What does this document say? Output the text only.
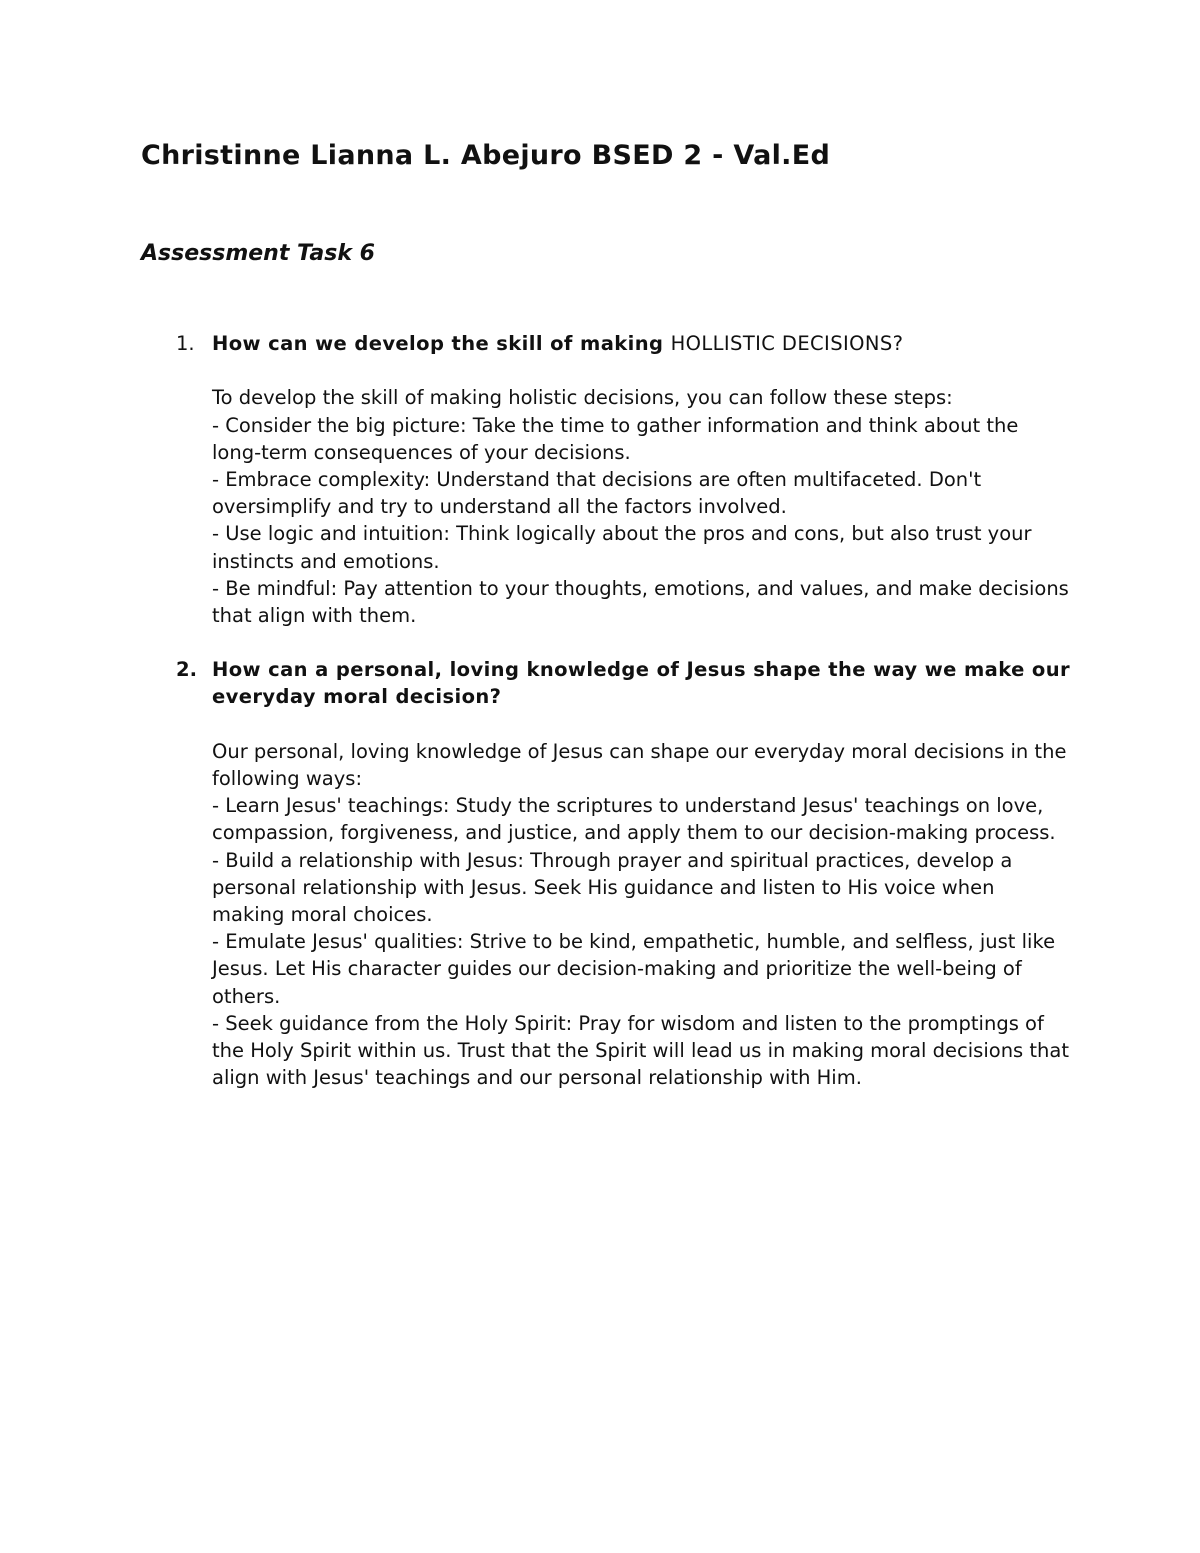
Christinne Lianna L. Abejuro BSED 2 - Val.Ed
Assessment Task 6
1. How can we develop the skill of making HOLLISTIC DECISIONS?

To develop the skill of making holistic decisions, you can follow these steps:

- Consider the big picture: Take the time to gather information and think about the long-term consequences of your decisions.

- Embrace complexity: Understand that decisions are often multifaceted. Don't oversimplify and try to understand all the factors involved.

- Use logic and intuition: Think logically about the pros and cons, but also trust your instincts and emotions.

- Be mindful: Pay attention to your thoughts, emotions, and values, and make decisions that align with them.

2. How can a personal, loving knowledge of Jesus shape the way we make our everyday moral decision?

Our personal, loving knowledge of Jesus can shape our everyday moral decisions in the following ways:

- Learn Jesus' teachings: Study the scriptures to understand Jesus' teachings on love, compassion, forgiveness, and justice, and apply them to our decision-making process.

- Build a relationship with Jesus: Through prayer and spiritual practices, develop a personal relationship with Jesus. Seek His guidance and listen to His voice when making moral choices.

- Emulate Jesus' qualities: Strive to be kind, empathetic, humble, and selfless, just like Jesus. Let His character guides our decision-making and prioritize the well-being of others.

- Seek guidance from the Holy Spirit: Pray for wisdom and listen to the promptings of the Holy Spirit within us. Trust that the Spirit will lead us in making moral decisions that align with Jesus' teachings and our personal relationship with Him.
